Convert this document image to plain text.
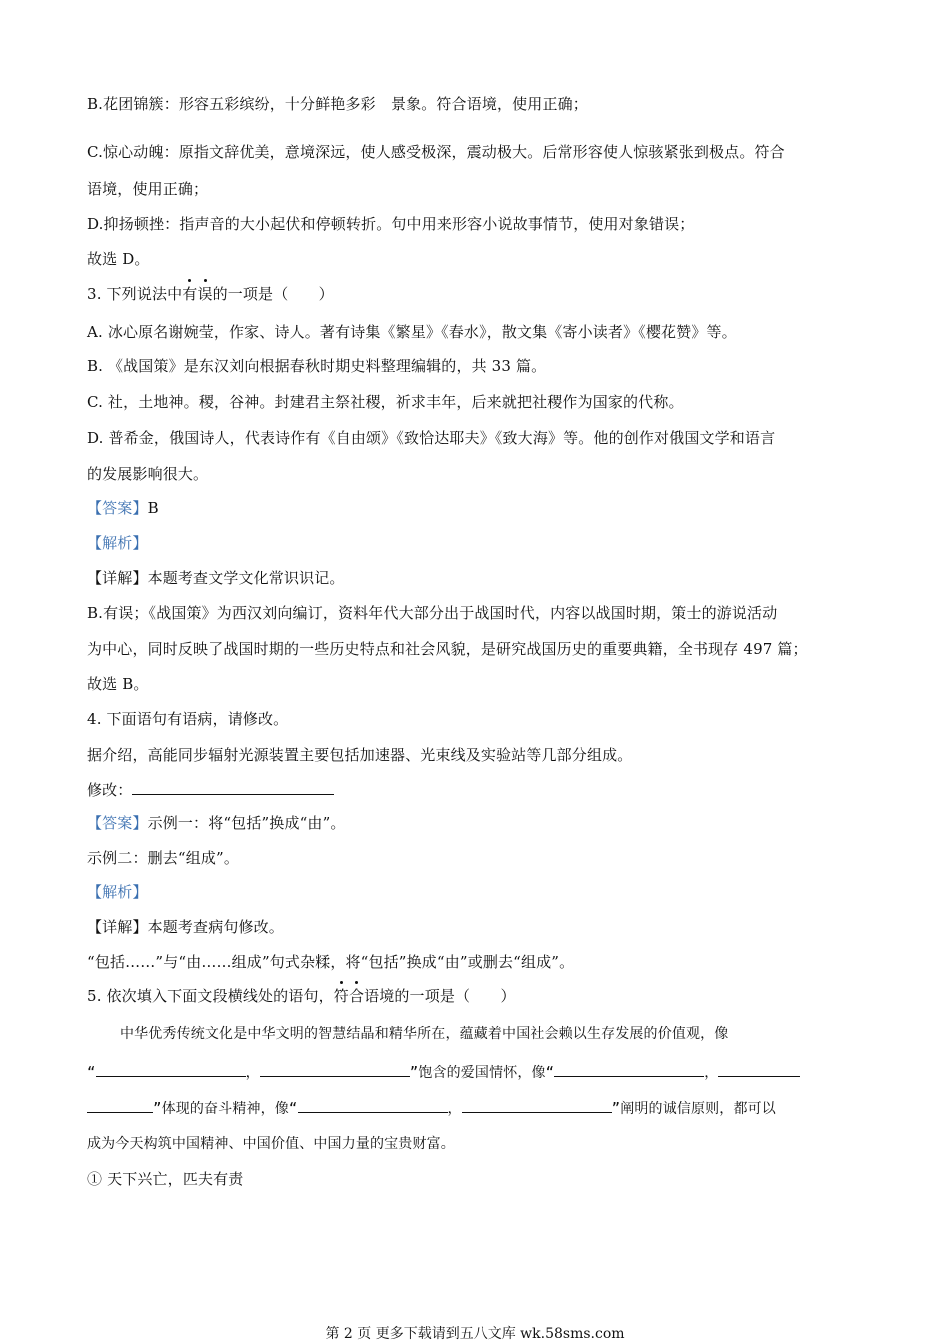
B.花团锦簇：形容五彩缤纷，十分鲜艳多彩　景象。符合语境，使用正确；
C.惊心动魄：原指文辞优美，意境深远，使人感受极深，震动极大。后常形容使人惊骇紧张到极点。符合
语境，使用正确；
D.抑扬顿挫：指声音的大小起伏和停顿转折。句中用来形容小说故事情节，使用对象错误；
故选 D。
3. 下列说法中有误的一项是（　　）
A. 冰心原名谢婉莹，作家、诗人。著有诗集《繁星》《春水》，散文集《寄小读者》《樱花赞》等。
B. 《战国策》是东汉刘向根据春秋时期史料整理编辑的，共 33 篇。
C. 社，土地神。稷，谷神。封建君主祭社稷，祈求丰年，后来就把社稷作为国家的代称。
D. 普希金，俄国诗人，代表诗作有《自由颂》《致恰达耶夫》《致大海》等。他的创作对俄国文学和语言
的发展影响很大。
【答案】B
【解析】
【详解】本题考查文学文化常识识记。
B.有误；《战国策》为西汉刘向编订，资料年代大部分出于战国时代，内容以战国时期，策士的游说活动
为中心，同时反映了战国时期的一些历史特点和社会风貌，是研究战国历史的重要典籍，全书现存 497 篇；
故选 B。
4. 下面语句有语病，请修改。
据介绍，高能同步辐射光源装置主要包括加速器、光束线及实验站等几部分组成。
修改：
【答案】示例一：将“包括”换成“由”。
示例二：删去“组成”。
【解析】
【详解】本题考查病句修改。
“包括……”与“由……组成”句式杂糅，将“包括”换成“由”或删去“组成”。
5. 依次填入下面文段横线处的语句，符合语境的一项是（　　）
中华优秀传统文化是中华文明的智慧结晶和精华所在，蕴藏着中国社会赖以生存发展的价值观，像
“	，	”饱含的爱国情怀，像“	，
”体现的奋斗精神，像“	，	”阐明的诚信原则，都可以
成为今天构筑中国精神、中国价值、中国力量的宝贵财富。
① 天下兴亡，匹夫有责
第 2 页 更多下载请到五八文库 wk.58sms.com
